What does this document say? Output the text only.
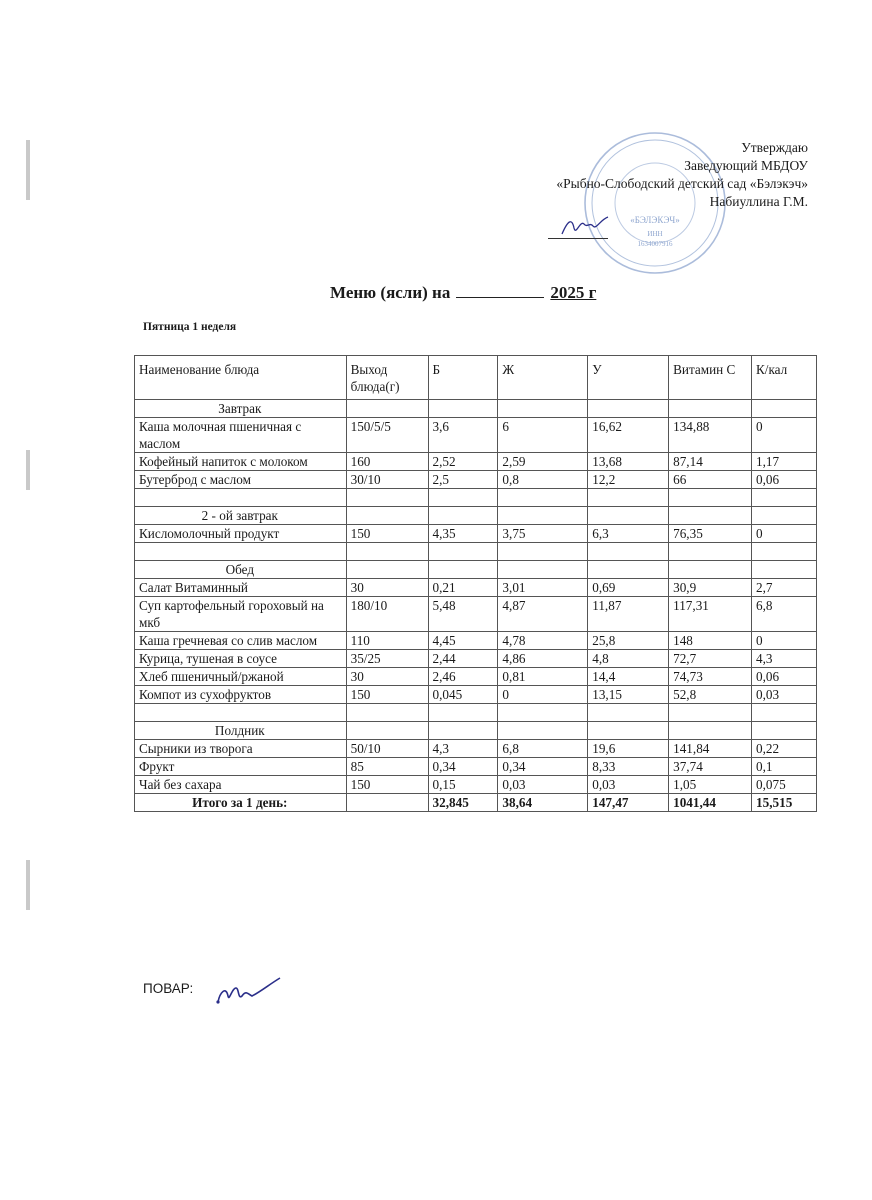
«БЭЛЭКЭЧ»
ИНН
1634007916
Утверждаю
Заведующий МБДОУ
«Рыбно-Слободский детский сад «Бэлэкэч»
Набиуллина Г.М.
Меню (ясли) на	2025 г
Пятница 1 неделя
Наименование блюда	Выход блюда(г)	Б	Ж	У	Витамин С	К/кал
Завтрак						
Каша молочная пшеничная с маслом	150/5/5	3,6	6	16,62	134,88	0
Кофейный напиток с молоком	160	2,52	2,59	13,68	87,14	1,17
Бутерброд с маслом	30/10	2,5	0,8	12,2	66	0,06

2 - ой завтрак						
Кисломолочный продукт	150	4,35	3,75	6,3	76,35	0

Обед						
Салат Витаминный	30	0,21	3,01	0,69	30,9	2,7
Суп картофельный гороховый на мкб	180/10	5,48	4,87	11,87	117,31	6,8
Каша гречневая со слив маслом	110	4,45	4,78	25,8	148	0
Курица, тушеная в соусе	35/25	2,44	4,86	4,8	72,7	4,3
Хлеб пшеничный/ржаной	30	2,46	0,81	14,4	74,73	0,06
Компот из сухофруктов	150	0,045	0	13,15	52,8	0,03

Полдник						
Сырники из творога	50/10	4,3	6,8	19,6	141,84	0,22
Фрукт	85	0,34	0,34	8,33	37,74	0,1
Чай без сахара	150	0,15	0,03	0,03	1,05	0,075
Итого за 1 день:		32,845	38,64	147,47	1041,44	15,515
ПОВАР:
